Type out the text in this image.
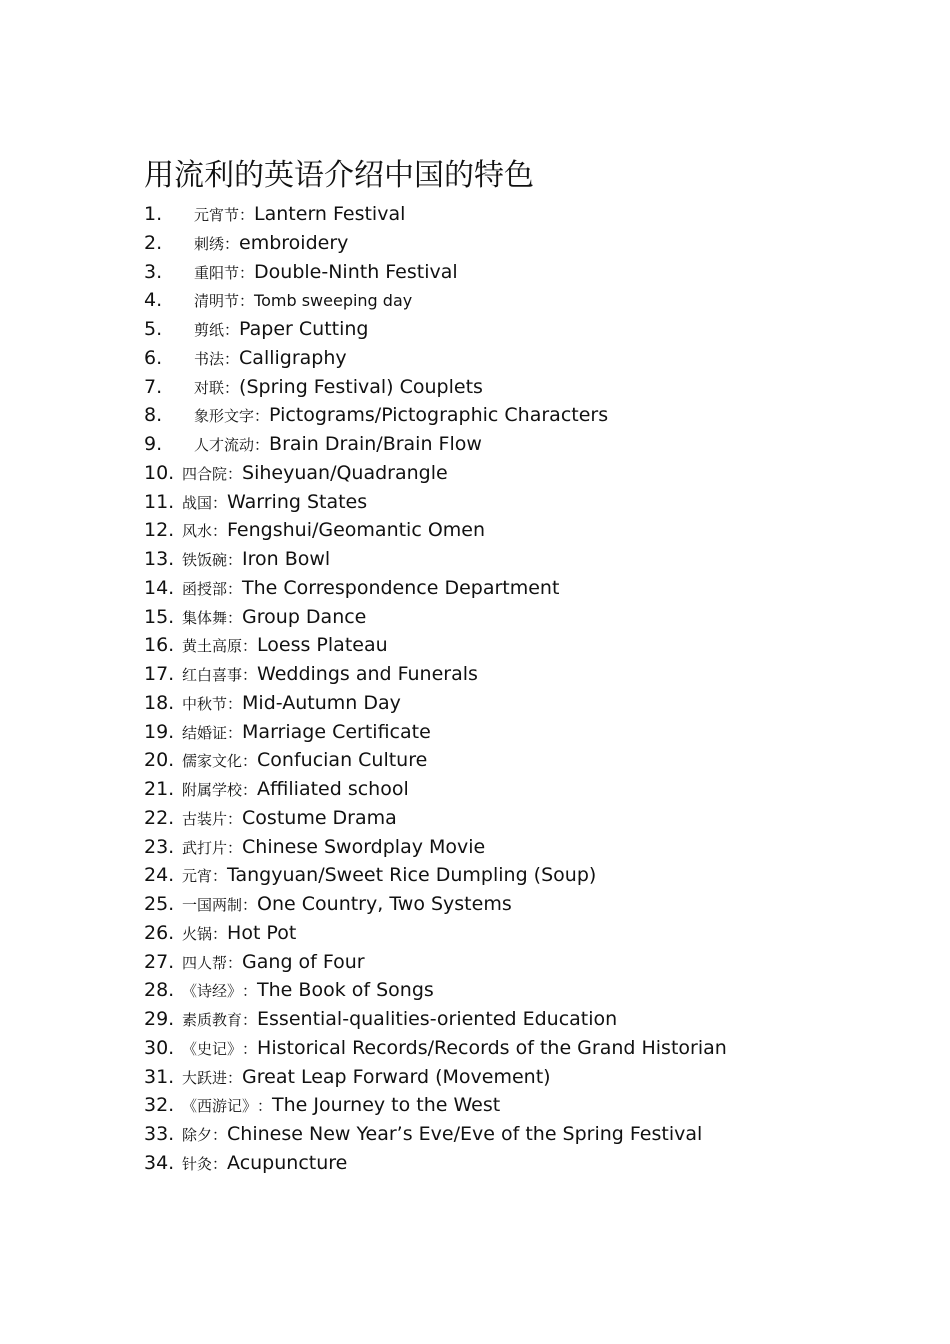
用流利的英语介绍中国的特色
1.	元宵节 ： Lantern Festival
2.	刺绣 ： embroidery
3.	重阳节 ： Double-Ninth Festival
4.	清明节 ： Tomb sweeping day
5.	剪纸 ： Paper Cutting
6.	书法 ： Calligraphy
7.	对联 ： (Spring Festival) Couplets
8.	象形文字 ： Pictograms/Pictographic Characters
9.	人才流动 ： Brain Drain/Brain Flow
10. 四合院 ： Siheyuan/Quadrangle
11. 战国 ： Warring States
12. 风水 ： Fengshui/Geomantic Omen
13. 铁饭碗 ： Iron Bowl
14. 函授部 ： The Correspondence Department
15. 集体舞 ： Group Dance
16. 黄土高原 ： Loess Plateau
17. 红白喜事 ： Weddings and Funerals
18. 中秋节 ： Mid-Autumn Day
19. 结婚证 ： Marriage Certificate
20. 儒家文化 ： Confucian Culture
21. 附属学校 ： Affiliated school
22. 古装片 ： Costume Drama
23. 武打片 ： Chinese Swordplay Movie
24. 元宵 ： Tangyuan/Sweet Rice Dumpling (Soup)
25. 一国两制 ： One Country, Two Systems
26. 火锅 ： Hot Pot
27. 四人帮 ： Gang of Four
28. 《诗经》 ： The Book of Songs
29. 素质教育 ： Essential-qualities-oriented Education
30. 《史记》 ： Historical Records/Records of the Grand Historian
31. 大跃进 ： Great Leap Forward (Movement)
32. 《西游记》 ： The Journey to the West
33. 除夕 ： Chinese New Year’s Eve/Eve of the Spring Festival
34. 针灸 ： Acupuncture
